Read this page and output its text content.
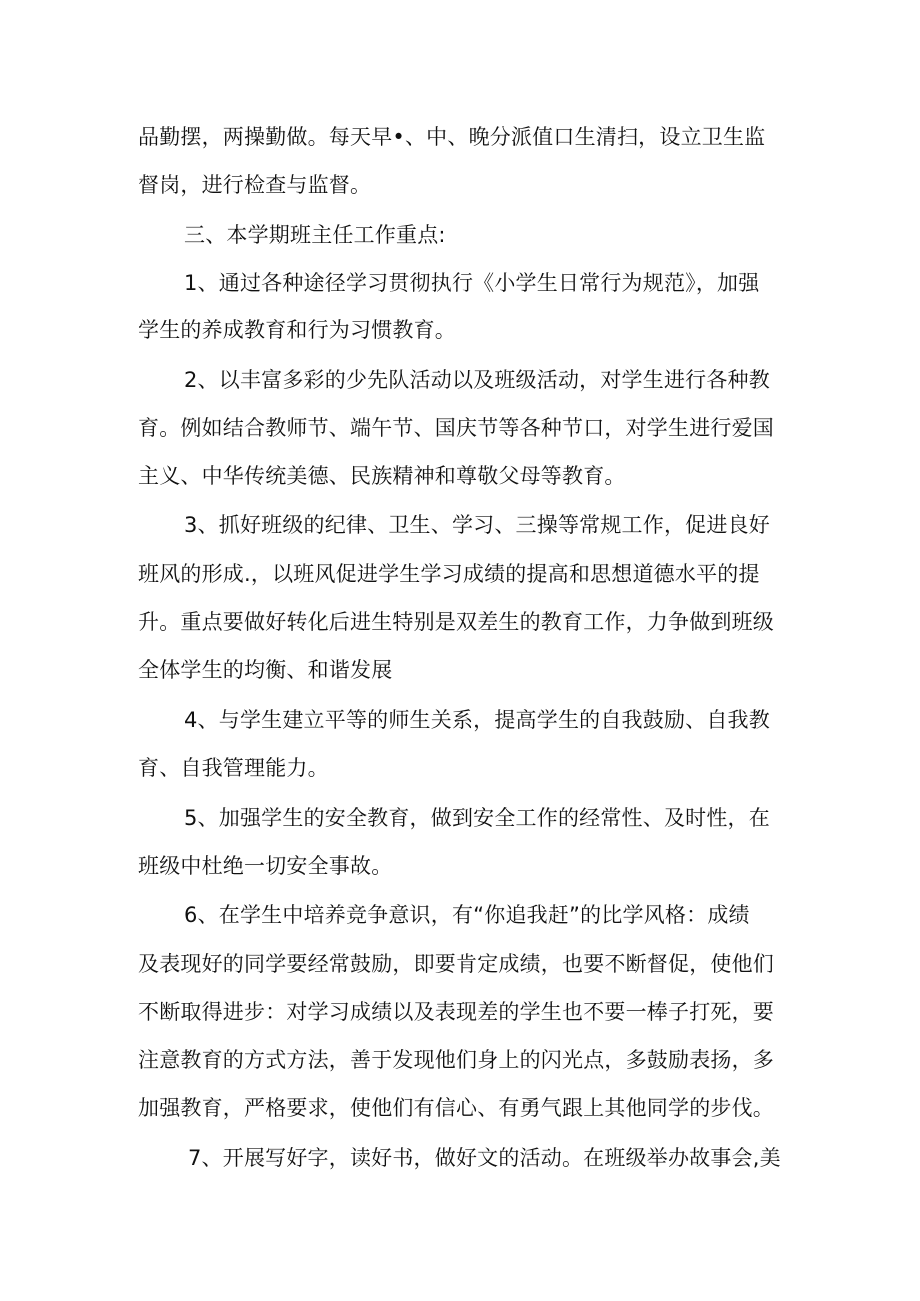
品勤摆，两操勤做。每天早•、中、晚分派值口生清扫，设立卫生监
督岗，进行检查与监督。
三、本学期班主任工作重点:
1、通过各种途径学习贯彻执行《小学生日常行为规范》，加强
学生的养成教育和行为习惯教育。
2、以丰富多彩的少先队活动以及班级活动，对学生进行各种教
育。例如结合教师节、端午节、国庆节等各种节口，对学生进行爱国
主义、中华传统美德、民族精神和尊敬父母等教育。
3、抓好班级的纪律、卫生、学习、三操等常规工作，促进良好
班风的形成.，以班风促进学生学习成绩的提高和思想道德水平的提
升。重点要做好转化后进生特别是双差生的教育工作，力争做到班级
全体学生的均衡、和谐发展
4、与学生建立平等的师生关系，提高学生的自我鼓励、自我教
育、自我管理能力。
5、加强学生的安全教育，做到安全工作的经常性、及时性，在
班级中杜绝一切安全事故。
6、在学生中培养竞争意识，有“你追我赶”的比学风格：成绩
及表现好的同学要经常鼓励，即要肯定成绩，也要不断督促，使他们
不断取得进步：对学习成绩以及表现差的学生也不要一棒子打死，要
注意教育的方式方法，善于发现他们身上的闪光点，多鼓励表扬，多
加强教育，严格要求，使他们有信心、有勇气跟上其他同学的步伐。
7、开展写好字，读好书，做好文的活动。在班级举办故事会,美
